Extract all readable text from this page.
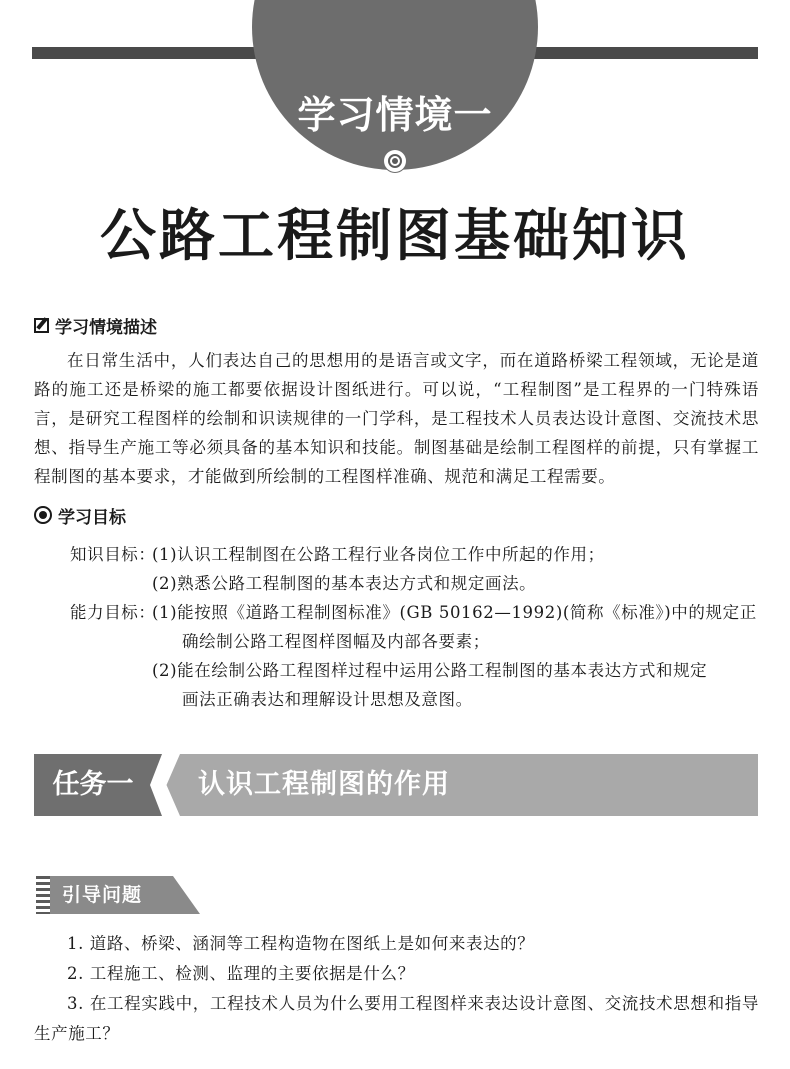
学习情境一
公路工程制图基础知识
学习情境描述
在日常生活中，人们表达自己的思想用的是语言或文字，而在道路桥梁工程领域，无论是道路的施工还是桥梁的施工都要依据设计图纸进行。可以说，“工程制图”是工程界的一门特殊语言，是研究工程图样的绘制和识读规律的一门学科，是工程技术人员表达设计意图、交流技术思想、指导生产施工等必须具备的基本知识和技能。制图基础是绘制工程图样的前提，只有掌握工程制图的基本要求，才能做到所绘制的工程图样准确、规范和满足工程需要。
学习目标
知识目标：
(1)认识工程制图在公路工程行业各岗位工作中所起的作用；
(2)熟悉公路工程制图的基本表达方式和规定画法。
能力目标：
(1)能按照《道路工程制图标准》(GB 50162—1992)(简称《标准》)中的规定正
确绘制公路工程图样图幅及内部各要素；
(2)能在绘制公路工程图样过程中运用公路工程制图的基本表达方式和规定
画法正确表达和理解设计思想及意图。
任务一	认识工程制图的作用
引导问题
1. 道路、桥梁、涵洞等工程构造物在图纸上是如何来表达的？
2. 工程施工、检测、监理的主要依据是什么？
3. 在工程实践中，工程技术人员为什么要用工程图样来表达设计意图、交流技术思想和指导生产施工？
